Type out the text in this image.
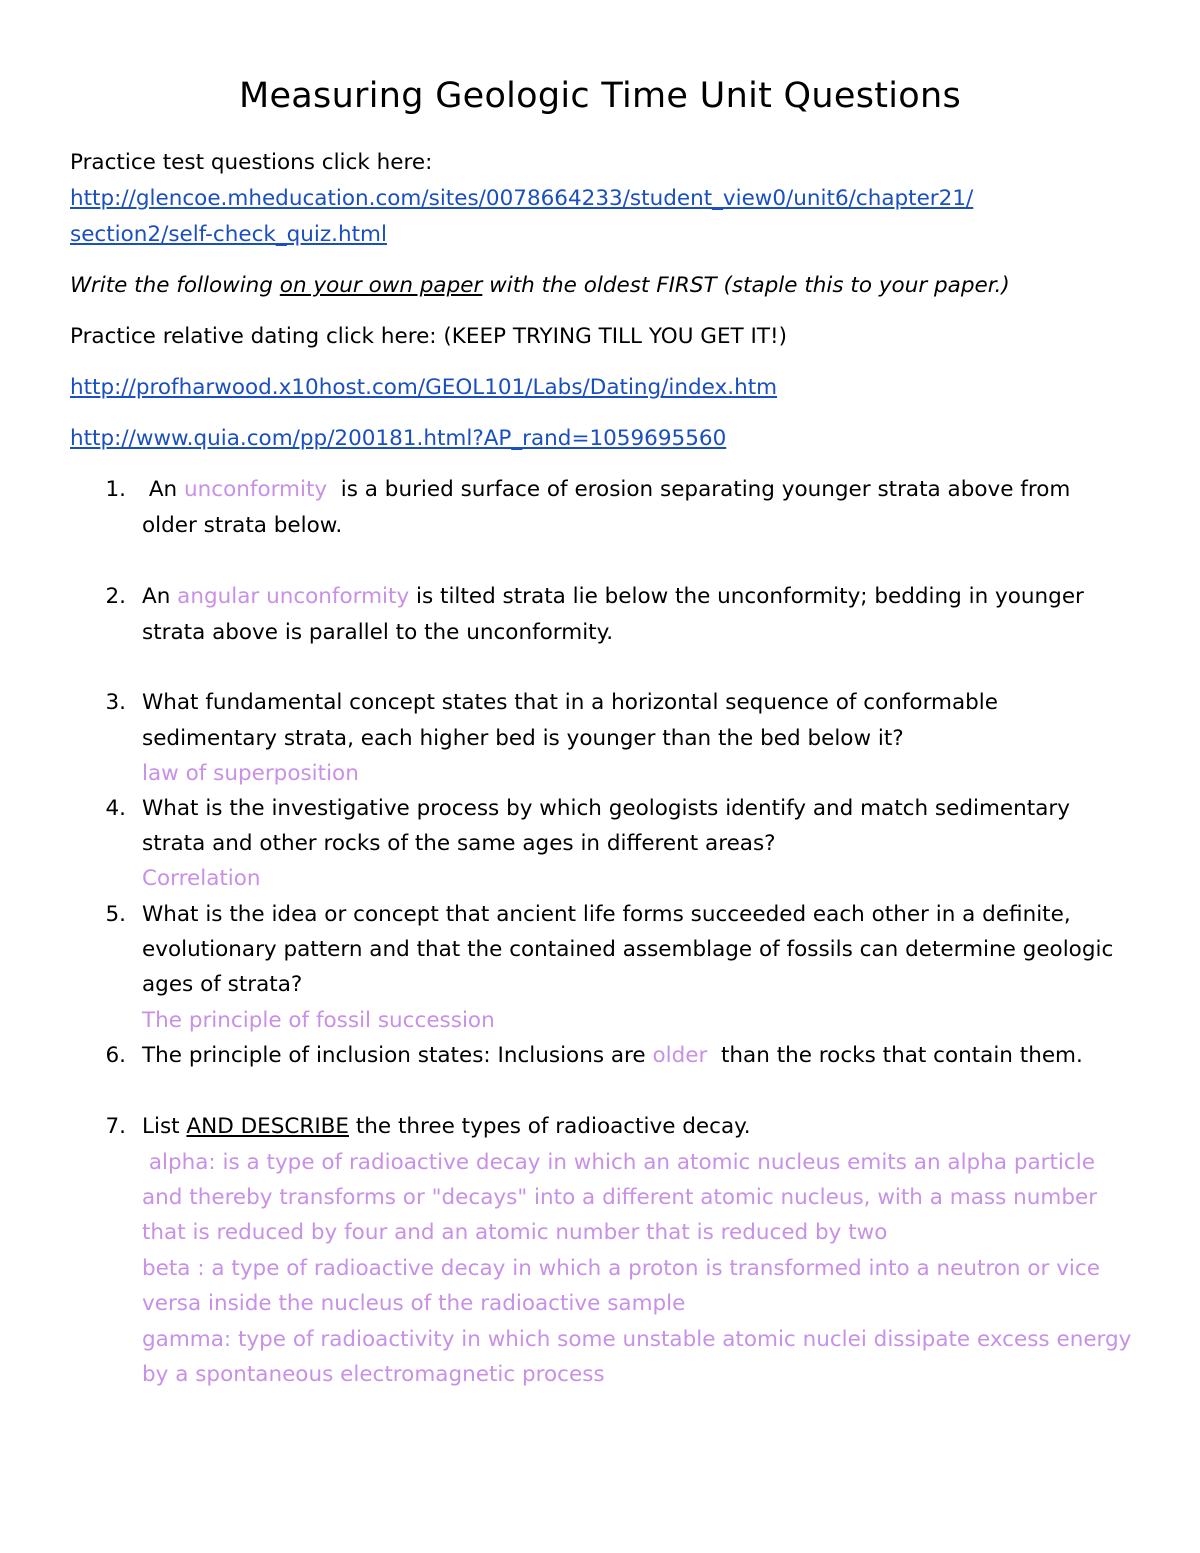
Measuring Geologic Time Unit Questions
Practice test questions click here:
http://glencoe.mheducation.com/sites/0078664233/student_view0/unit6/chapter21/
section2/self-check_quiz.html
Write the following on your own paper with the oldest FIRST (staple this to your paper.)
Practice relative dating click here: (KEEP TRYING TILL YOU GET IT!)
http://profharwood.x10host.com/GEOL101/Labs/Dating/index.htm
http://www.quia.com/pp/200181.html?AP_rand=1059695560
1. An unconformity  is a buried surface of erosion separating younger strata above from
older strata below.
2. An angular unconformity is tilted strata lie below the unconformity; bedding in younger
strata above is parallel to the unconformity.
3. What fundamental concept states that in a horizontal sequence of conformable
sedimentary strata, each higher bed is younger than the bed below it?
law of superposition
4. What is the investigative process by which geologists identify and match sedimentary
strata and other rocks of the same ages in different areas?
Correlation
5. What is the idea or concept that ancient life forms succeeded each other in a definite,
evolutionary pattern and that the contained assemblage of fossils can determine geologic
ages of strata?
The principle of fossil succession
6. The principle of inclusion states: Inclusions are older  than the rocks that contain them.
7. List AND DESCRIBE the three types of radioactive decay.
alpha: is a type of radioactive decay in which an atomic nucleus emits an alpha particle
and thereby transforms or "decays" into a different atomic nucleus, with a mass number
that is reduced by four and an atomic number that is reduced by two
beta : a type of radioactive decay in which a proton is transformed into a neutron or vice
versa inside the nucleus of the radioactive sample
gamma: type of radioactivity in which some unstable atomic nuclei dissipate excess energy
by a spontaneous electromagnetic process
